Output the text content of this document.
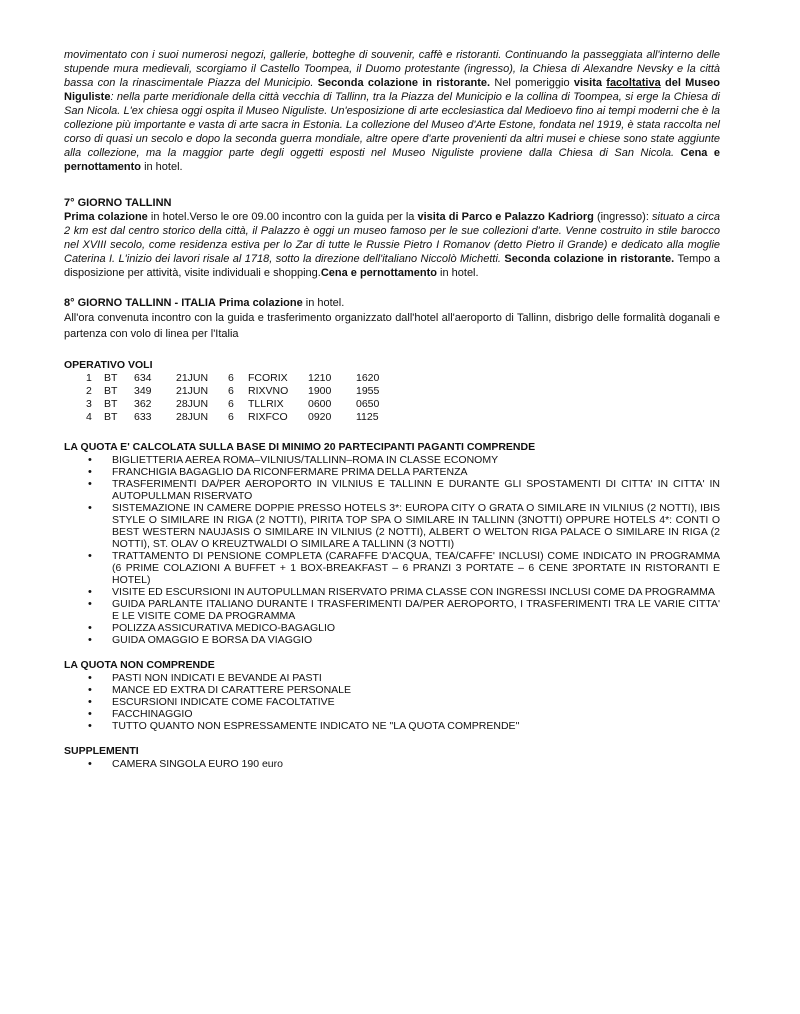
movimentato con i suoi numerosi negozi, gallerie, botteghe di souvenir, caffè e ristoranti. Continuando la passeggiata all'interno delle stupende mura medievali, scorgiamo il Castello Toompea, il Duomo protestante (ingresso), la Chiesa di Alexandre Nevsky e la città bassa con la rinascimentale Piazza del Municipio. Seconda colazione in ristorante. Nel pomeriggio visita facoltativa del Museo Niguliste: nella parte meridionale della città vecchia di Tallinn, tra la Piazza del Municipio e la collina di Toompea, si erge la Chiesa di San Nicola. L'ex chiesa oggi ospita il Museo Niguliste. Un'esposizione di arte ecclesiastica dal Medioevo fino ai tempi moderni che è la collezione più importante e vasta di arte sacra in Estonia. La collezione del Museo d'Arte Estone, fondata nel 1919, è stata raccolta nel corso di quasi un secolo e dopo la seconda guerra mondiale, altre opere d'arte provenienti da altri musei e chiese sono state aggiunte alla collezione, ma la maggior parte degli oggetti esposti nel Museo Niguliste proviene dalla Chiesa di San Nicola. Cena e pernottamento in hotel.

7° GIORNO TALLINN

Prima colazione in hotel.Verso le ore 09.00 incontro con la guida per la visita di Parco e Palazzo Kadriorg (ingresso): situato a circa 2 km est dal centro storico della città, il Palazzo è oggi un museo famoso per le sue collezioni d'arte. Venne costruito in stile barocco nel XVIII secolo, come residenza estiva per lo Zar di tutte le Russie Pietro I Romanov (detto Pietro il Grande) e dedicato alla moglie Caterina I. L'inizio dei lavori risale al 1718, sotto la direzione dell'italiano Niccolò Michetti. Seconda colazione in ristorante. Tempo a disposizione per attività, visite individuali e shopping.Cena e pernottamento in hotel.

8° GIORNO TALLINN - ITALIA Prima colazione in hotel.

All'ora convenuta incontro con la guida e trasferimento organizzato dall'hotel all'aeroporto di Tallinn, disbrigo delle formalità doganali e partenza con volo di linea per l'Italia

OPERATIVO VOLI
1	BT	634	21JUN	6	FCORIX	1210	1620
2	BT	349	21JUN	6	RIXVNO	1900	1955
3	BT	362	28JUN	6	TLLRIX	0600	0650
4	BT	633	28JUN	6	RIXFCO	0920	1125
LA QUOTA E' CALCOLATA SULLA BASE DI MINIMO 20 PARTECIPANTI PAGANTI COMPRENDE
• BIGLIETTERIA AEREA ROMA–VILNIUS/TALLINN–ROMA IN CLASSE ECONOMY
• FRANCHIGIA BAGAGLIO DA RICONFERMARE PRIMA DELLA PARTENZA
• TRASFERIMENTI DA/PER AEROPORTO IN VILNIUS E TALLINN E DURANTE GLI SPOSTAMENTI DI CITTA' IN CITTA' IN AUTOPULLMAN RISERVATO
• SISTEMAZIONE IN CAMERE DOPPIE PRESSO HOTELS 3*: EUROPA CITY O GRATA O SIMILARE IN VILNIUS (2 NOTTI), IBIS STYLE O SIMILARE IN RIGA (2 NOTTI), PIRITA TOP SPA O SIMILARE IN TALLINN (3NOTTI) OPPURE HOTELS 4*: CONTI O BEST WESTERN NAUJASIS O SIMILARE IN VILNIUS (2 NOTTI), ALBERT O WELTON RIGA PALACE O SIMILARE IN RIGA (2 NOTTI), ST. OLAV O KREUZTWALDI O SIMILARE A TALLINN (3 NOTTI)
• TRATTAMENTO DI PENSIONE COMPLETA (CARAFFE D'ACQUA, TEA/CAFFE' INCLUSI) COME INDICATO IN PROGRAMMA (6 PRIME COLAZIONI A BUFFET + 1 BOX-BREAKFAST – 6 PRANZI 3 PORTATE – 6 CENE 3PORTATE IN RISTORANTI E HOTEL)
• VISITE ED ESCURSIONI IN AUTOPULLMAN RISERVATO PRIMA CLASSE CON INGRESSI INCLUSI COME DA PROGRAMMA
• GUIDA PARLANTE ITALIANO DURANTE I TRASFERIMENTI DA/PER AEROPORTO, I TRASFERIMENTI TRA LE VARIE CITTA' E LE VISITE COME DA PROGRAMMA
• POLIZZA ASSICURATIVA MEDICO-BAGAGLIO
• GUIDA OMAGGIO E BORSA DA VIAGGIO
LA QUOTA NON COMPRENDE
• PASTI NON INDICATI E BEVANDE AI PASTI
• MANCE ED EXTRA DI CARATTERE PERSONALE
• ESCURSIONI INDICATE COME FACOLTATIVE
• FACCHINAGGIO
• TUTTO QUANTO NON ESPRESSAMENTE INDICATO NE "LA QUOTA COMPRENDE"
SUPPLEMENTI
• CAMERA SINGOLA EURO 190 euro
